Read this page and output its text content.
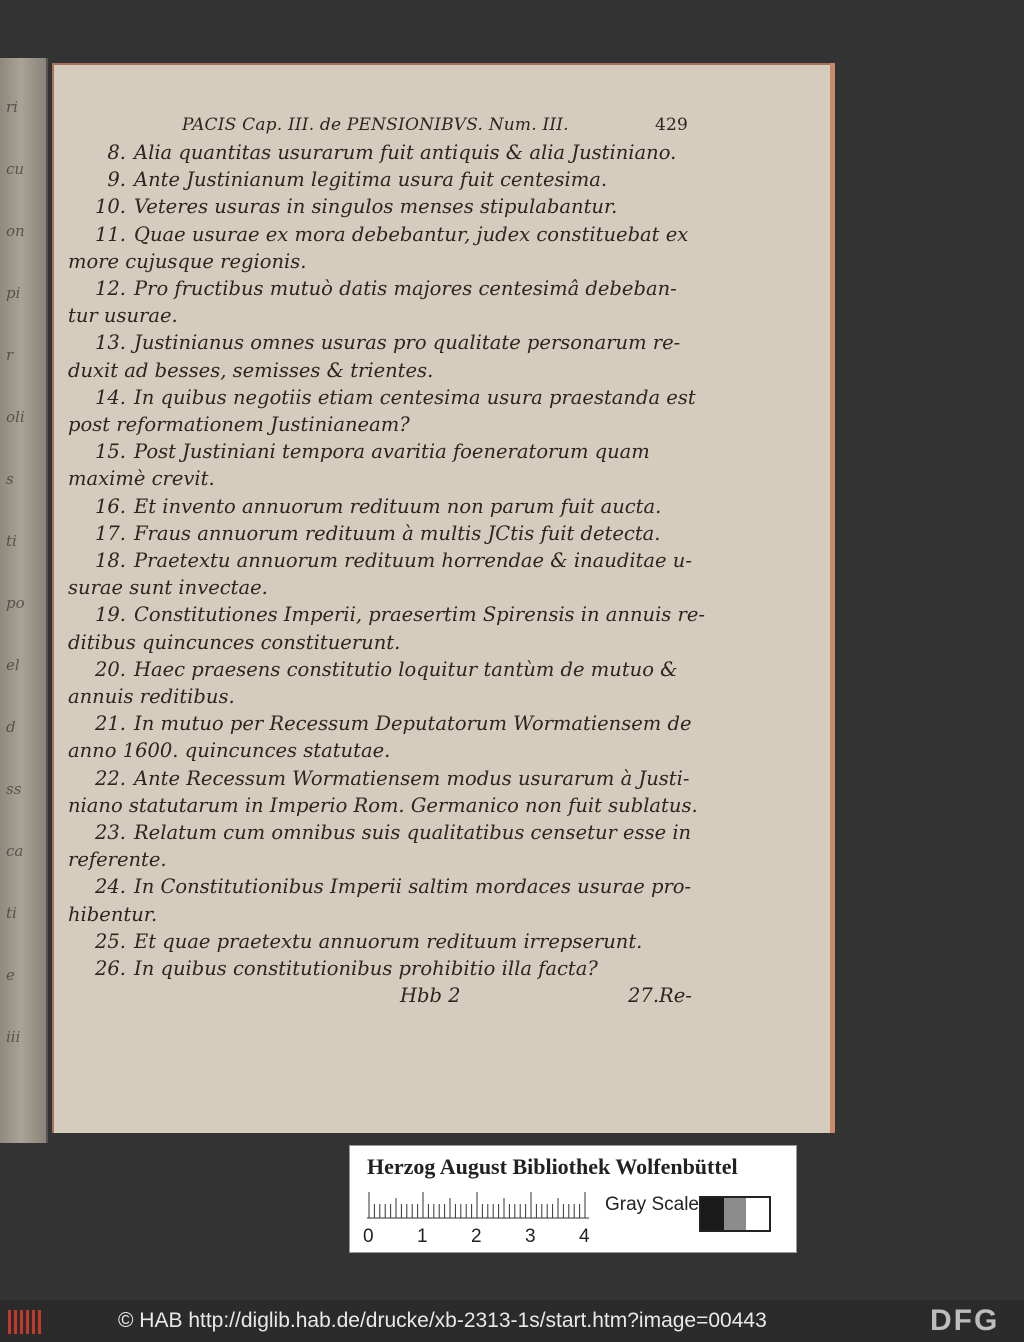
ri
cu
on
pi
r
oli
s
ti
po
el
d
ss
ca
ti
e
iii
PACIS Cap. III. de PENSIONIBVS. Num. III.	429
8. Alia quantitas usurarum fuit antiquis & alia Justiniano.
9. Ante Justinianum legitima usura fuit centesima.
10. Veteres usuras in singulos menses stipulabantur.
11. Quae usurae ex mora debebantur, judex constituebat ex
more cujusque regionis.
12. Pro fructibus mutuò datis majores centesimâ debeban-
tur usurae.
13. Justinianus omnes usuras pro qualitate personarum re-
duxit ad besses, semisses & trientes.
14. In quibus negotiis etiam centesima usura praestanda est
post reformationem Justinianeam?
15. Post Justiniani tempora avaritia foeneratorum quam
maximè crevit.
16. Et invento annuorum redituum non parum fuit aucta.
17. Fraus annuorum redituum à multis JCtis fuit detecta.
18. Praetextu annuorum redituum horrendae & inauditae u-
surae sunt invectae.
19. Constitutiones Imperii, praesertim Spirensis in annuis re-
ditibus quincunces constituerunt.
20. Haec praesens constitutio loquitur tantùm de mutuo &
annuis reditibus.
21. In mutuo per Recessum Deputatorum Wormatiensem de
anno 1600. quincunces statutae.
22. Ante Recessum Wormatiensem modus usurarum à Justi-
niano statutarum in Imperio Rom. Germanico non fuit sublatus.
23. Relatum cum omnibus suis qualitatibus censetur esse in
referente.
24. In Constitutionibus Imperii saltim mordaces usurae pro-
hibentur.
25. Et quae praetextu annuorum redituum irrepserunt.
26. In quibus constitutionibus prohibitio illa facta?
Hbb 2	27.Re-
Herzog August Bibliothek Wolfenbüttel
0 1 2 3 4
Gray Scale
© HAB http://diglib.hab.de/drucke/xb-2313-1s/start.htm?image=00443	DFG
